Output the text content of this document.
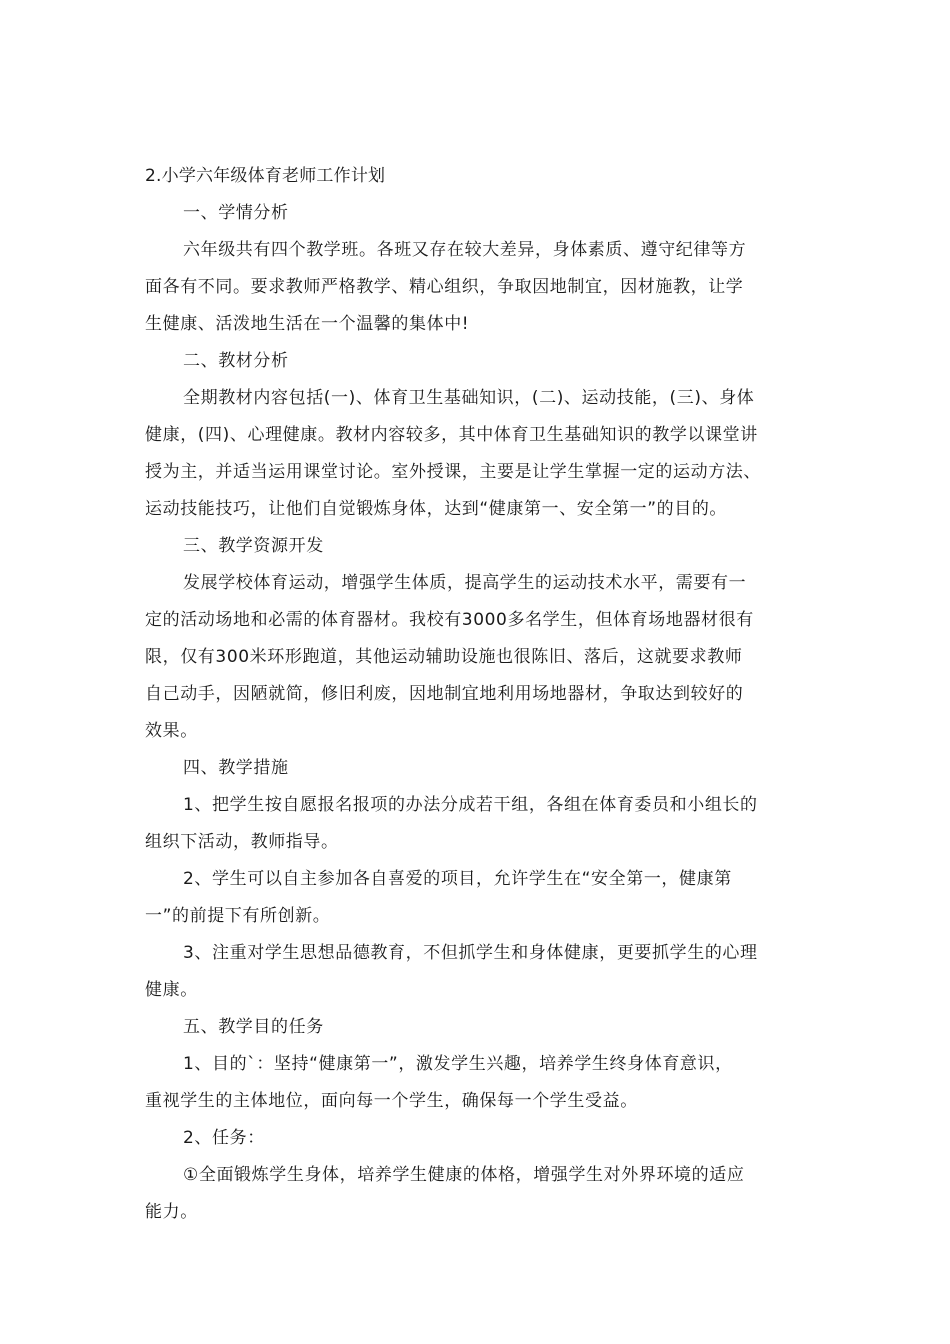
2.小学六年级体育老师工作计划
一、学情分析
六年级共有四个教学班。各班又存在较大差异，身体素质、遵守纪律等方
面各有不同。要求教师严格教学、精心组织，争取因地制宜，因材施教，让学
生健康、活泼地生活在一个温馨的集体中!
二、教材分析
全期教材内容包括(一)、体育卫生基础知识，(二)、运动技能，(三)、身体
健康，(四)、心理健康。教材内容较多，其中体育卫生基础知识的教学以课堂讲
授为主，并适当运用课堂讨论。室外授课，主要是让学生掌握一定的运动方法、
运动技能技巧，让他们自觉锻炼身体，达到“健康第一、安全第一”的目的。
三、教学资源开发
发展学校体育运动，增强学生体质，提高学生的运动技术水平，需要有一
定的活动场地和必需的体育器材。我校有3000多名学生，但体育场地器材很有
限，仅有300米环形跑道，其他运动辅助设施也很陈旧、落后，这就要求教师
自己动手，因陋就简，修旧利废，因地制宜地利用场地器材，争取达到较好的
效果。
四、教学措施
1、把学生按自愿报名报项的办法分成若干组，各组在体育委员和小组长的
组织下活动，教师指导。
2、学生可以自主参加各自喜爱的项目，允许学生在“安全第一，健康第
一”的前提下有所创新。
3、注重对学生思想品德教育，不但抓学生和身体健康，更要抓学生的心理
健康。
五、教学目的任务
1、目的`：坚持“健康第一”，激发学生兴趣，培养学生终身体育意识，
重视学生的主体地位，面向每一个学生，确保每一个学生受益。
2、任务：
①全面锻炼学生身体，培养学生健康的体格，增强学生对外界环境的适应
能力。
